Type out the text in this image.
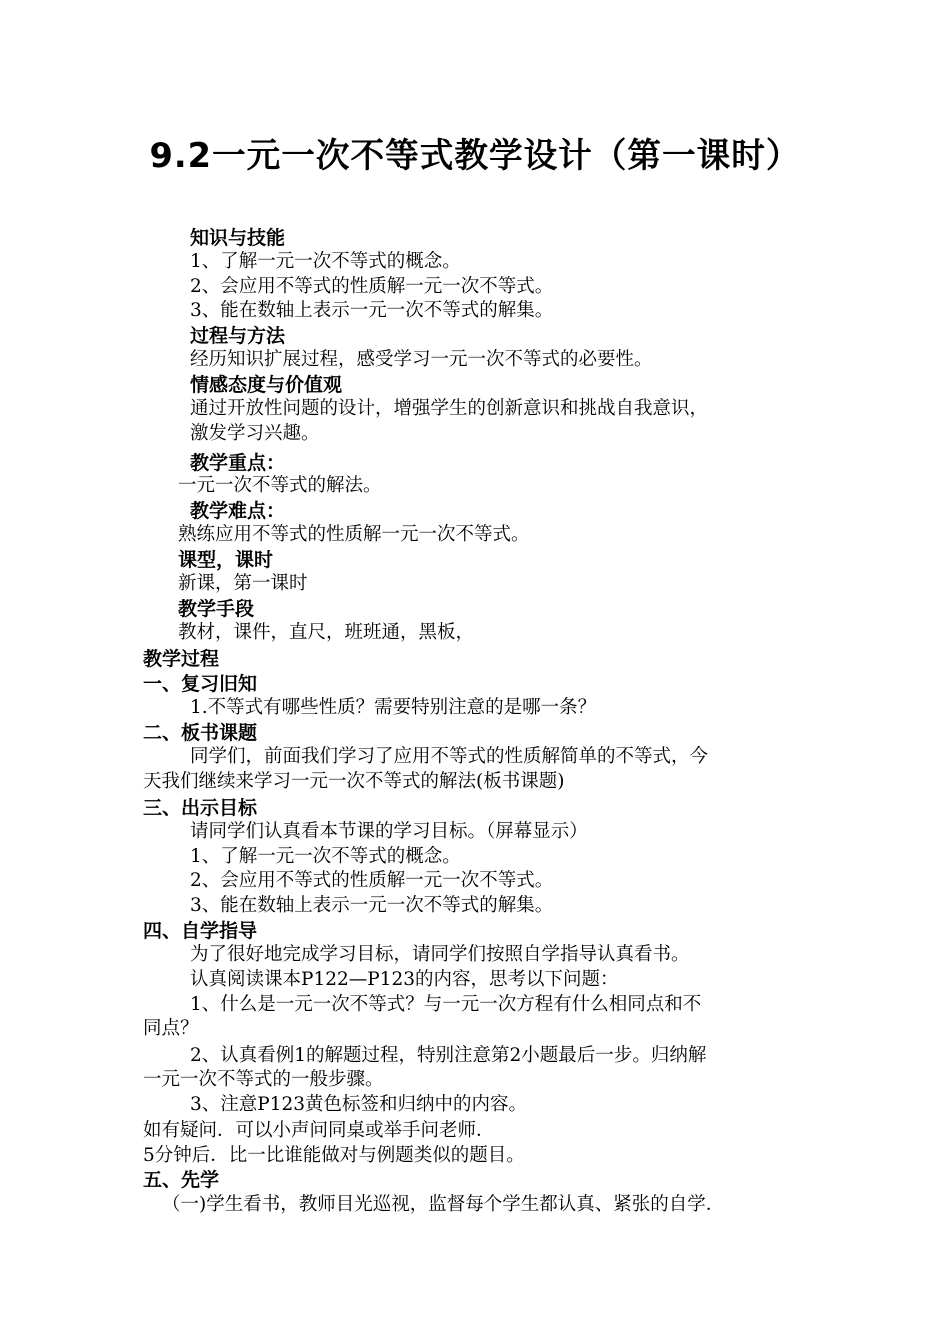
9.2一元一次不等式教学设计（第一课时）
知识与技能
1、了解一元一次不等式的概念。
2、会应用不等式的性质解一元一次不等式。
3、能在数轴上表示一元一次不等式的解集。
过程与方法
经历知识扩展过程，感受学习一元一次不等式的必要性。
情感态度与价值观
通过开放性问题的设计，增强学生的创新意识和挑战自我意识，
激发学习兴趣。
教学重点：
一元一次不等式的解法。
教学难点：
熟练应用不等式的性质解一元一次不等式。
课型，课时
新课，第一课时
教学手段
教材，课件，直尺，班班通，黑板，
教学过程
一、复习旧知
1.不等式有哪些性质？需要特别注意的是哪一条？
二、板书课题
同学们，前面我们学习了应用不等式的性质解简单的不等式，今
天我们继续来学习一元一次不等式的解法(板书课题)
三、出示目标
请同学们认真看本节课的学习目标。（屏幕显示）
1、了解一元一次不等式的概念。
2、会应用不等式的性质解一元一次不等式。
3、能在数轴上表示一元一次不等式的解集。
四、自学指导
为了很好地完成学习目标，请同学们按照自学指导认真看书。
认真阅读课本P122—P123的内容，思考以下问题：
1、什么是一元一次不等式？与一元一次方程有什么相同点和不
同点？
2、认真看例1的解题过程，特别注意第2小题最后一步。归纳解
一元一次不等式的一般步骤。
3、注意P123黄色标签和归纳中的内容。
如有疑问．可以小声问同桌或举手问老师．
5分钟后．比一比谁能做对与例题类似的题目。
五、先学
（一)学生看书，教师目光巡视，监督每个学生都认真、紧张的自学．
